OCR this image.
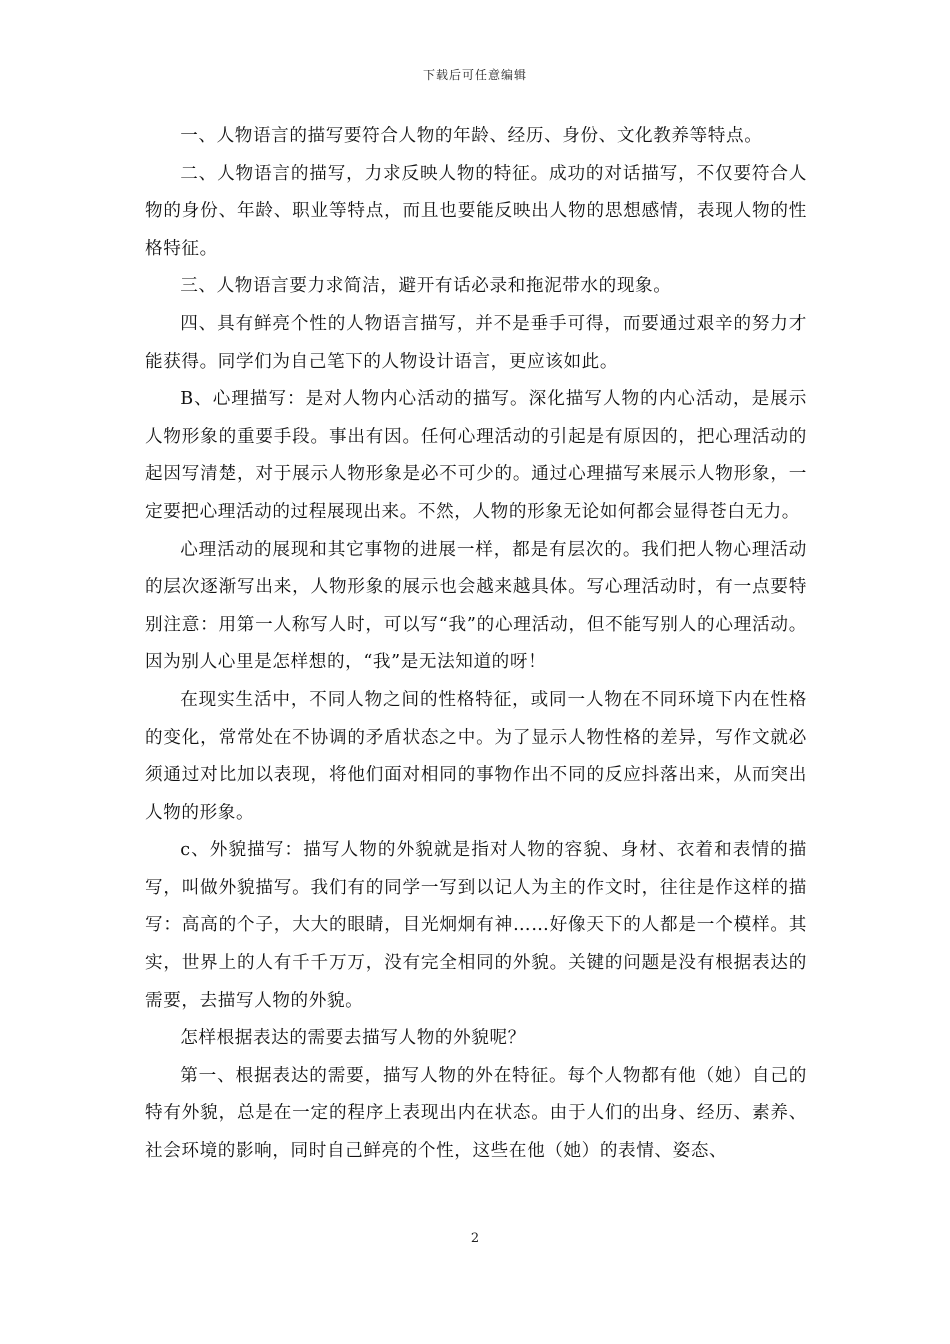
下载后可任意编辑

一、人物语言的描写要符合人物的年龄、经历、身份、文化教养等特点。

二、人物语言的描写，力求反映人物的特征。成功的对话描写，不仅要符合人物的身份、年龄、职业等特点，而且也要能反映出人物的思想感情，表现人物的性格特征。

三、人物语言要力求简洁，避开有话必录和拖泥带水的现象。

四、具有鲜亮个性的人物语言描写，并不是垂手可得，而要通过艰辛的努力才能获得。同学们为自己笔下的人物设计语言，更应该如此。

B、心理描写：是对人物内心活动的描写。深化描写人物的内心活动，是展示人物形象的重要手段。事出有因。任何心理活动的引起是有原因的，把心理活动的起因写清楚，对于展示人物形象是必不可少的。通过心理描写来展示人物形象，一定要把心理活动的过程展现出来。不然，人物的形象无论如何都会显得苍白无力。

心理活动的展现和其它事物的进展一样，都是有层次的。我们把人物心理活动的层次逐渐写出来，人物形象的展示也会越来越具体。写心理活动时，有一点要特别注意：用第一人称写人时，可以写“我”的心理活动，但不能写别人的心理活动。因为别人心里是怎样想的，“我”是无法知道的呀！

在现实生活中，不同人物之间的性格特征，或同一人物在不同环境下内在性格的变化，常常处在不协调的矛盾状态之中。为了显示人物性格的差异，写作文就必须通过对比加以表现，将他们面对相同的事物作出不同的反应抖落出来，从而突出人物的形象。

c、外貌描写：描写人物的外貌就是指对人物的容貌、身材、衣着和表情的描写，叫做外貌描写。我们有的同学一写到以记人为主的作文时，往往是作这样的描写：高高的个子，大大的眼睛，目光炯炯有神……好像天下的人都是一个模样。其实，世界上的人有千千万万，没有完全相同的外貌。关键的问题是没有根据表达的需要，去描写人物的外貌。

怎样根据表达的需要去描写人物的外貌呢？

第一、根据表达的需要，描写人物的外在特征。每个人物都有他（她）自己的特有外貌，总是在一定的程序上表现出内在状态。由于人们的出身、经历、素养、社会环境的影响，同时自己鲜亮的个性，这些在他（她）的表情、姿态、

2
